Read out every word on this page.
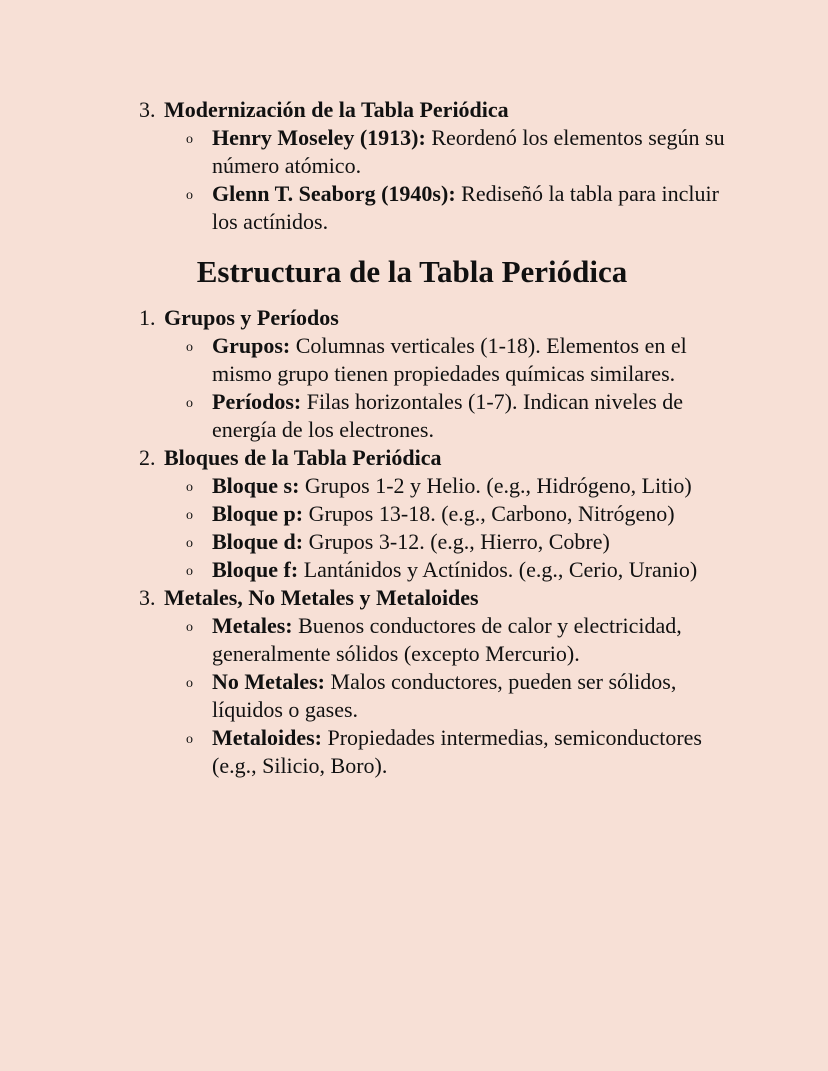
3. Modernización de la Tabla Periódica
o Henry Moseley (1913): Reordenó los elementos según su número atómico.
o Glenn T. Seaborg (1940s): Rediseñó la tabla para incluir los actínidos.
Estructura de la Tabla Periódica
1. Grupos y Períodos
o Grupos: Columnas verticales (1-18). Elementos en el mismo grupo tienen propiedades químicas similares.
o Períodos: Filas horizontales (1-7). Indican niveles de energía de los electrones.
2. Bloques de la Tabla Periódica
o Bloque s: Grupos 1-2 y Helio. (e.g., Hidrógeno, Litio)
o Bloque p: Grupos 13-18. (e.g., Carbono, Nitrógeno)
o Bloque d: Grupos 3-12. (e.g., Hierro, Cobre)
o Bloque f: Lantánidos y Actínidos. (e.g., Cerio, Uranio)
3. Metales, No Metales y Metaloides
o Metales: Buenos conductores de calor y electricidad, generalmente sólidos (excepto Mercurio).
o No Metales: Malos conductores, pueden ser sólidos, líquidos o gases.
o Metaloides: Propiedades intermedias, semiconductores (e.g., Silicio, Boro).
